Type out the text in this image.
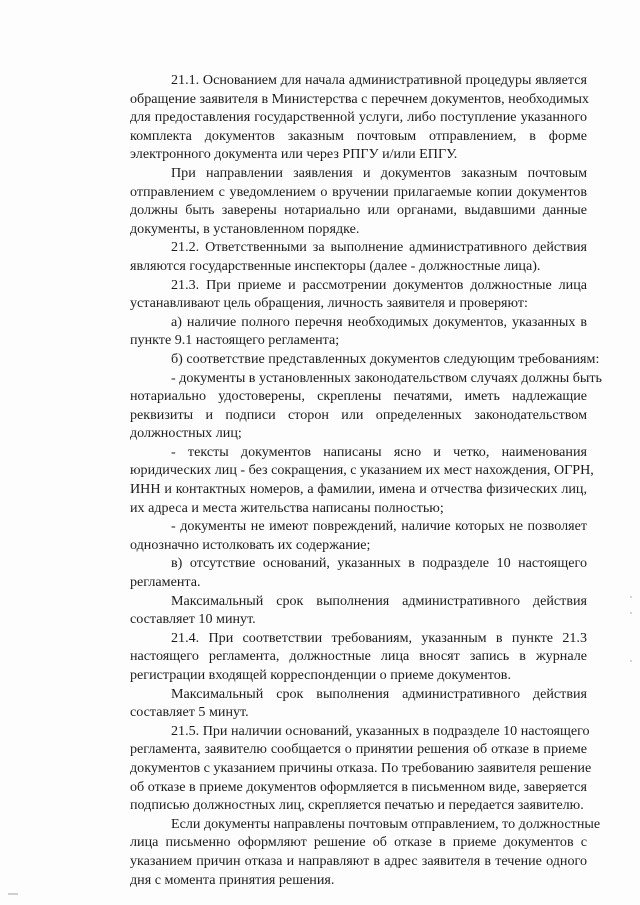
21.1. Основанием для начала административной процедуры является
обращение заявителя в Министерства с перечнем документов, необходимых
для предоставления государственной услуги, либо поступление указанного
комплекта документов заказным почтовым отправлением, в форме
электронного документа или через РПГУ и/или ЕПГУ.
При направлении заявления и документов заказным почтовым
отправлением с уведомлением о вручении прилагаемые копии документов
должны быть заверены нотариально или органами, выдавшими данные
документы, в установленном порядке.
21.2. Ответственными за выполнение административного действия
являются государственные инспекторы (далее - должностные лица).
21.3. При приеме и рассмотрении документов должностные лица
устанавливают цель обращения, личность заявителя и проверяют:
а) наличие полного перечня необходимых документов, указанных в
пункте 9.1 настоящего регламента;
б) соответствие представленных документов следующим требованиям:
- документы в установленных законодательством случаях должны быть
нотариально удостоверены, скреплены печатями, иметь надлежащие
реквизиты и подписи сторон или определенных законодательством
должностных лиц;
- тексты документов написаны ясно и четко, наименования
юридических лиц - без сокращения, с указанием их мест нахождения, ОГРН,
ИНН и контактных номеров, а фамилии, имена и отчества физических лиц,
их адреса и места жительства написаны полностью;
- документы не имеют повреждений, наличие которых не позволяет
однозначно истолковать их содержание;
в) отсутствие оснований, указанных в подразделе 10 настоящего
регламента.
Максимальный срок выполнения административного действия
составляет 10 минут.
21.4. При соответствии требованиям, указанным в пункте 21.3
настоящего регламента, должностные лица вносят запись в журнале
регистрации входящей корреспонденции о приеме документов.
Максимальный срок выполнения административного действия
составляет 5 минут.
21.5. При наличии оснований, указанных в подразделе 10 настоящего
регламента, заявителю сообщается о принятии решения об отказе в приеме
документов с указанием причины отказа. По требованию заявителя решение
об отказе в приеме документов оформляется в письменном виде, заверяется
подписью должностных лиц, скрепляется печатью и передается заявителю.
Если документы направлены почтовым отправлением, то должностные
лица письменно оформляют решение об отказе в приеме документов с
указанием причин отказа и направляют в адрес заявителя в течение одного
дня с момента принятия решения.
